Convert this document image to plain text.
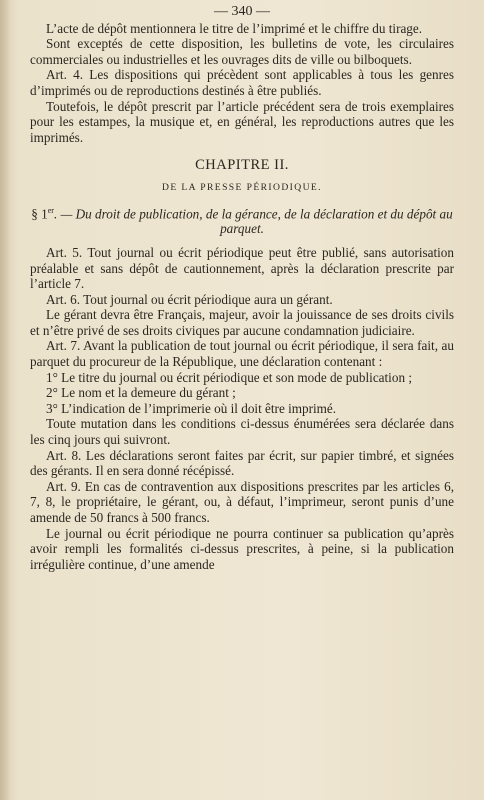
— 340 —

L’acte de dépôt mentionnera le titre de l’imprimé et le chiffre du tirage.

Sont exceptés de cette disposition, les bulletins de vote, les circulaires commerciales ou industrielles et les ouvrages dits de ville ou bilboquets.

Art. 4. Les dispositions qui précèdent sont applicables à tous les genres d’imprimés ou de reproductions destinés à être publiés.

Toutefois, le dépôt prescrit par l’article précédent sera de trois exemplaires pour les estampes, la musique et, en général, les reproductions autres que les imprimés.

CHAPITRE II.

DE LA PRESSE PÉRIODIQUE.

§ 1er. — Du droit de publication, de la gérance, de la déclaration et du dépôt au parquet.

Art. 5. Tout journal ou écrit périodique peut être publié, sans autorisation préalable et sans dépôt de cautionnement, après la déclaration prescrite par l’article 7.

Art. 6. Tout journal ou écrit périodique aura un gérant.

Le gérant devra être Français, majeur, avoir la jouissance de ses droits civils et n’être privé de ses droits civiques par aucune condamnation judiciaire.

Art. 7. Avant la publication de tout journal ou écrit périodique, il sera fait, au parquet du procureur de la République, une déclaration contenant :

1° Le titre du journal ou écrit périodique et son mode de publication ;

2° Le nom et la demeure du gérant ;

3° L’indication de l’imprimerie où il doit être imprimé.

Toute mutation dans les conditions ci-dessus énumérées sera déclarée dans les cinq jours qui suivront.

Art. 8. Les déclarations seront faites par écrit, sur papier timbré, et signées des gérants. Il en sera donné récépissé.

Art. 9. En cas de contravention aux dispositions prescrites par les articles 6, 7, 8, le propriétaire, le gérant, ou, à défaut, l’imprimeur, seront punis d’une amende de 50 francs à 500 francs.

Le journal ou écrit périodique ne pourra continuer sa publication qu’après avoir rempli les formalités ci-dessus prescrites, à peine, si la publication irrégulière continue, d’une amende
